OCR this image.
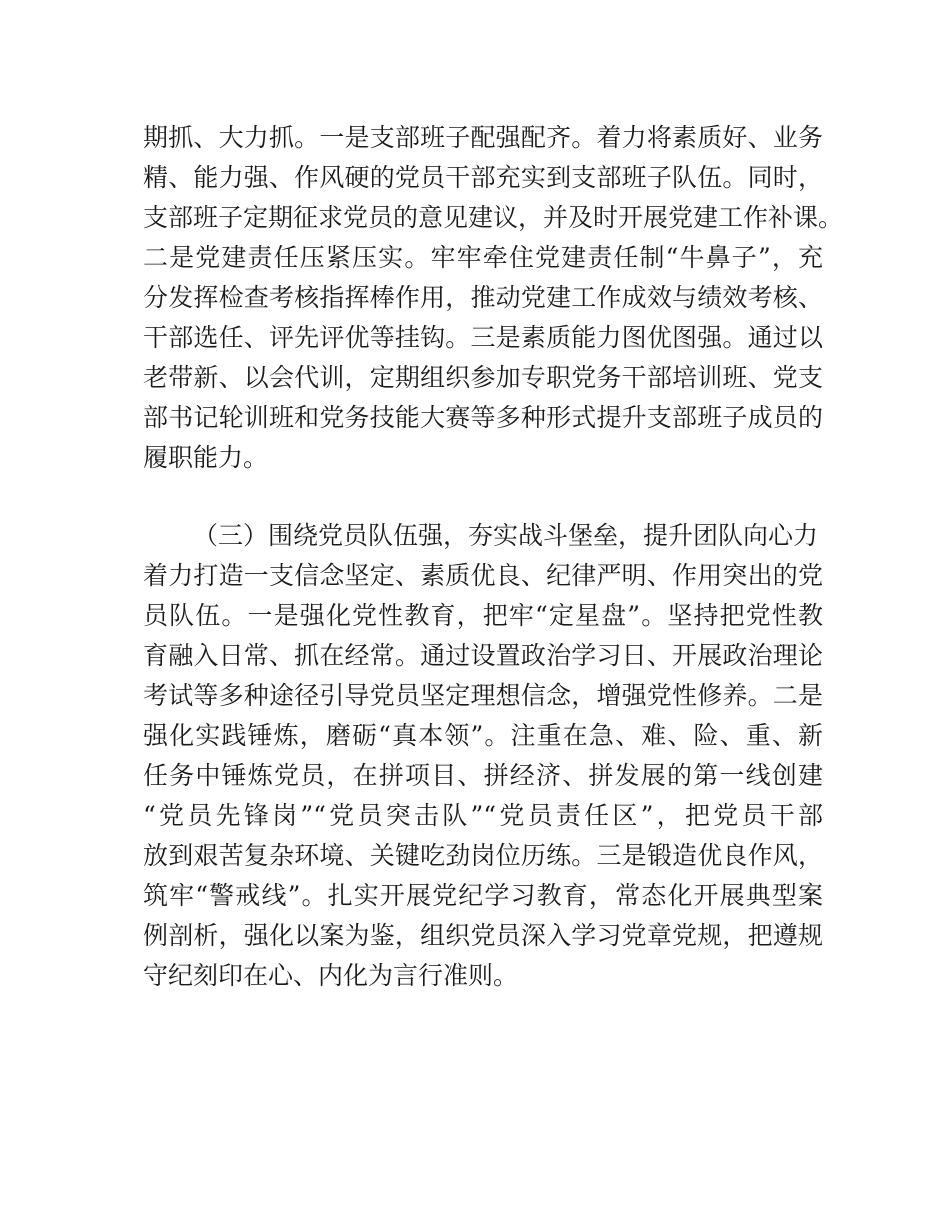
期抓、大力抓。一是支部班子配强配齐。着力将素质好、业务
精、能力强、作风硬的党员干部充实到支部班子队伍。同时，
支部班子定期征求党员的意见建议，并及时开展党建工作补课。
二是党建责任压紧压实。牢牢牵住党建责任制“牛鼻子”，充
分发挥检查考核指挥棒作用，推动党建工作成效与绩效考核、
干部选任、评先评优等挂钩。三是素质能力图优图强。通过以
老带新、以会代训，定期组织参加专职党务干部培训班、党支
部书记轮训班和党务技能大赛等多种形式提升支部班子成员的
履职能力。
（三）围绕党员队伍强，夯实战斗堡垒，提升团队向心力
着力打造一支信念坚定、素质优良、纪律严明、作用突出的党
员队伍。一是强化党性教育，把牢“定星盘”。坚持把党性教
育融入日常、抓在经常。通过设置政治学习日、开展政治理论
考试等多种途径引导党员坚定理想信念，增强党性修养。二是
强化实践锤炼，磨砺“真本领”。注重在急、难、险、重、新
任务中锤炼党员，在拼项目、拼经济、拼发展的第一线创建
“党员先锋岗”“党员突击队”“党员责任区”，把党员干部
放到艰苦复杂环境、关键吃劲岗位历练。三是锻造优良作风，
筑牢“警戒线”。扎实开展党纪学习教育，常态化开展典型案
例剖析，强化以案为鉴，组织党员深入学习党章党规，把遵规
守纪刻印在心、内化为言行准则。
